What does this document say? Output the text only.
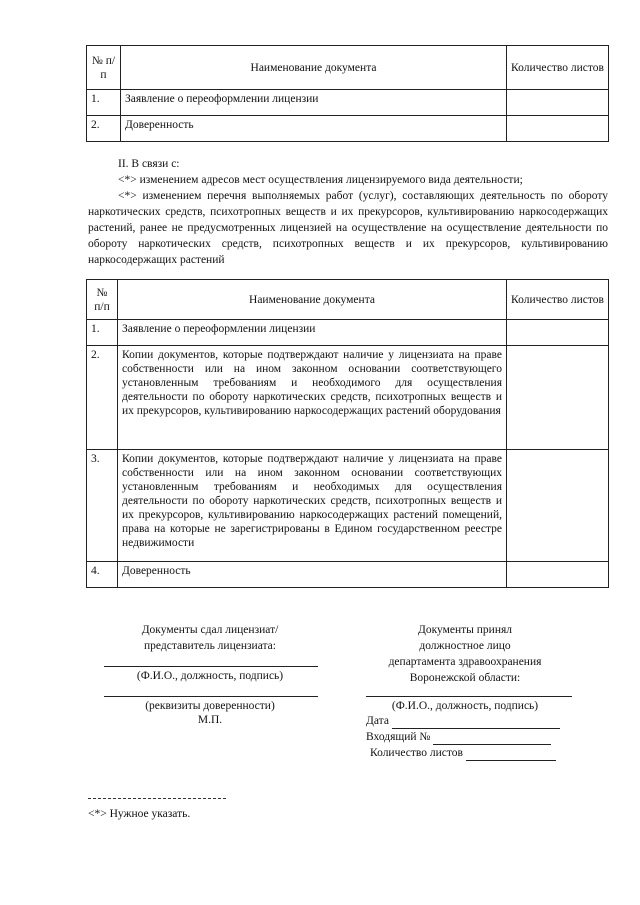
№ п/п	Наименование документа	Количество листов
1.	Заявление о переоформлении лицензии	
2.	Доверенность	
II. В связи с:
<*> изменением адресов мест осуществления лицензируемого вида деятельности;
<*> изменением перечня выполняемых работ (услуг), составляющих деятельность по обороту наркотических средств, психотропных веществ и их прекурсоров, культивированию наркосодержащих растений, ранее не предусмотренных лицензией на осуществление на осуществление деятельности по обороту наркотических средств, психотропных веществ и их прекурсоров, культивированию наркосодержащих растений
№ п/п	Наименование документа	Количество листов
1.	Заявление о переоформлении лицензии	
2.	Копии документов, которые подтверждают наличие у лицензиата на праве собственности или на ином законном основании соответствующего установленным требованиям и необходимого для осуществления деятельности по обороту наркотических средств, психотропных веществ и их прекурсоров, культивированию наркосодержащих растений оборудования	
3.	Копии документов, которые подтверждают наличие у лицензиата на праве собственности или на ином законном основании соответствующих установленным требованиям и необходимых для осуществления деятельности по обороту наркотических средств, психотропных веществ и их прекурсоров, культивированию наркосодержащих растений помещений, права на которые не зарегистрированы в Едином государственном реестре недвижимости	
4.	Доверенность	
Документы сдал лицензиат/
представитель лицензиата:
(Ф.И.О., должность, подпись)
(реквизиты доверенности)
М.П.
Документы принял
должностное лицо
департамента здравоохранения
Воронежской области:
(Ф.И.О., должность, подпись)
Дата
Входящий №
Количество листов
<*> Нужное указать.
